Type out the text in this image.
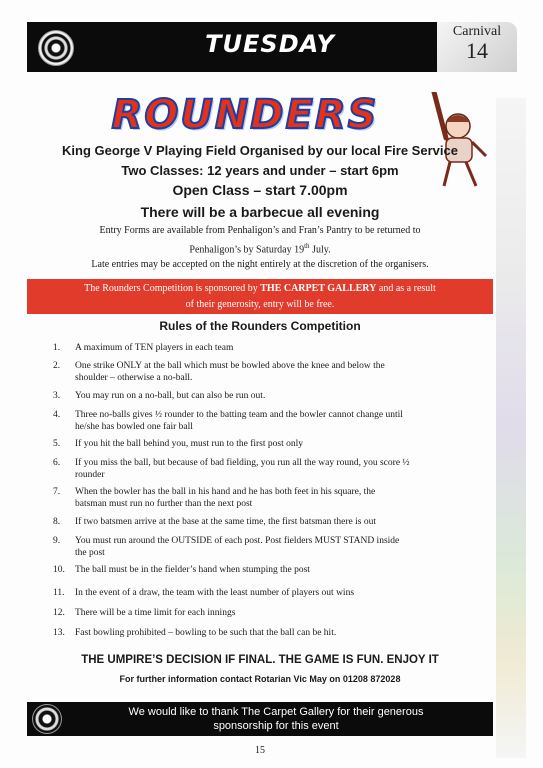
TUESDAY	Carnival
14
ROUNDERS
King George V Playing Field Organised by our local Fire Service
Two Classes: 12 years and under – start 6pm
Open Class – start 7.00pm
There will be a barbecue all evening
Entry Forms are available from Penhaligon’s and Fran’s Pantry to be returned to
Penhaligon’s by Saturday 19th July.
Late entries may be accepted on the night entirely at the discretion of the organisers.
The Rounders Competition is sponsored by THE CARPET GALLERY and as a result
of their generosity, entry will be free.
Rules of the Rounders Competition
1.	A maximum of TEN players in each team
2.	One strike ONLY at the ball which must be bowled above the knee and below the
shoulder – otherwise a no-ball.
3.	You may run on a no-ball, but can also be run out.
4.	Three no-balls gives ½ rounder to the batting team and the bowler cannot change until
he/she has bowled one fair ball
5.	If you hit the ball behind you, must run to the first post only
6.	If you miss the ball, but because of bad fielding, you run all the way round, you score ½
rounder
7.	When the bowler has the ball in his hand and he has both feet in his square, the
batsman must run no further than the next post
8.	If two batsmen arrive at the base at the same time, the first batsman there is out
9.	You must run around the OUTSIDE of each post. Post fielders MUST STAND inside
the post
10.	The ball must be in the fielder’s hand when stumping the post
11.	In the event of a draw, the team with the least number of players out wins
12.	There will be a time limit for each innings
13.	Fast bowling prohibited – bowling to be such that the ball can be hit.
THE UMPIRE’S DECISION IF FINAL. THE GAME IS FUN. ENJOY IT
For further information contact Rotarian Vic May on 01208 872028
We would like to thank The Carpet Gallery for their generous
sponsorship for this event
15
